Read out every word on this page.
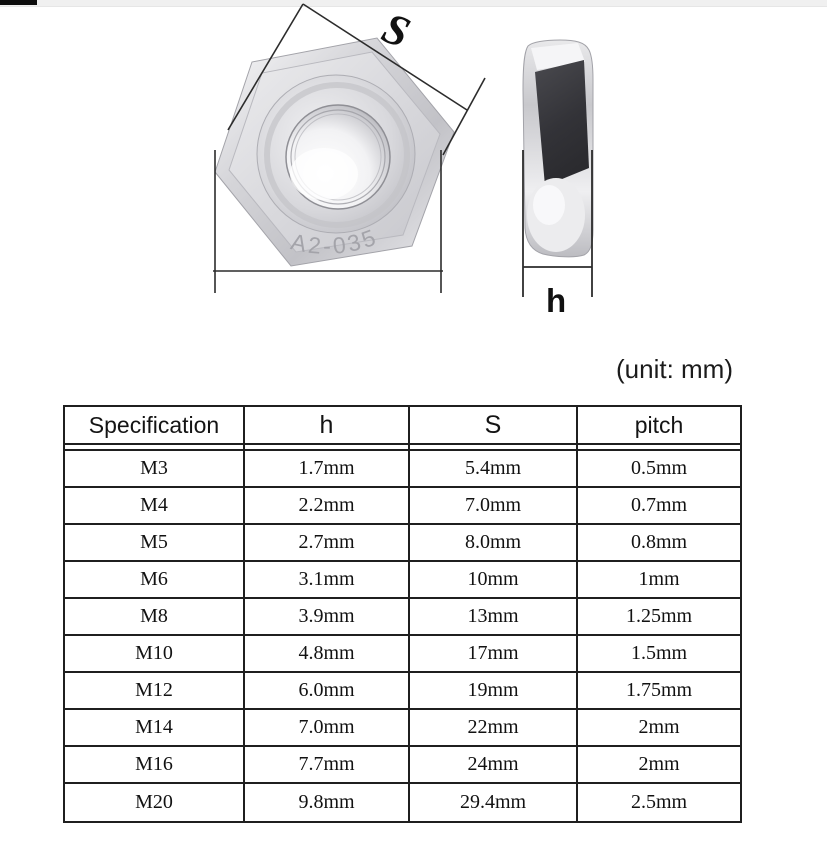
A2-035
S
h
(unit: mm)
Specification	h	S	pitch
M3	1.7mm	5.4mm	0.5mm
M4	2.2mm	7.0mm	0.7mm
M5	2.7mm	8.0mm	0.8mm
M6	3.1mm	10mm	1mm
M8	3.9mm	13mm	1.25mm
M10	4.8mm	17mm	1.5mm
M12	6.0mm	19mm	1.75mm
M14	7.0mm	22mm	2mm
M16	7.7mm	24mm	2mm
M20	9.8mm	29.4mm	2.5mm
